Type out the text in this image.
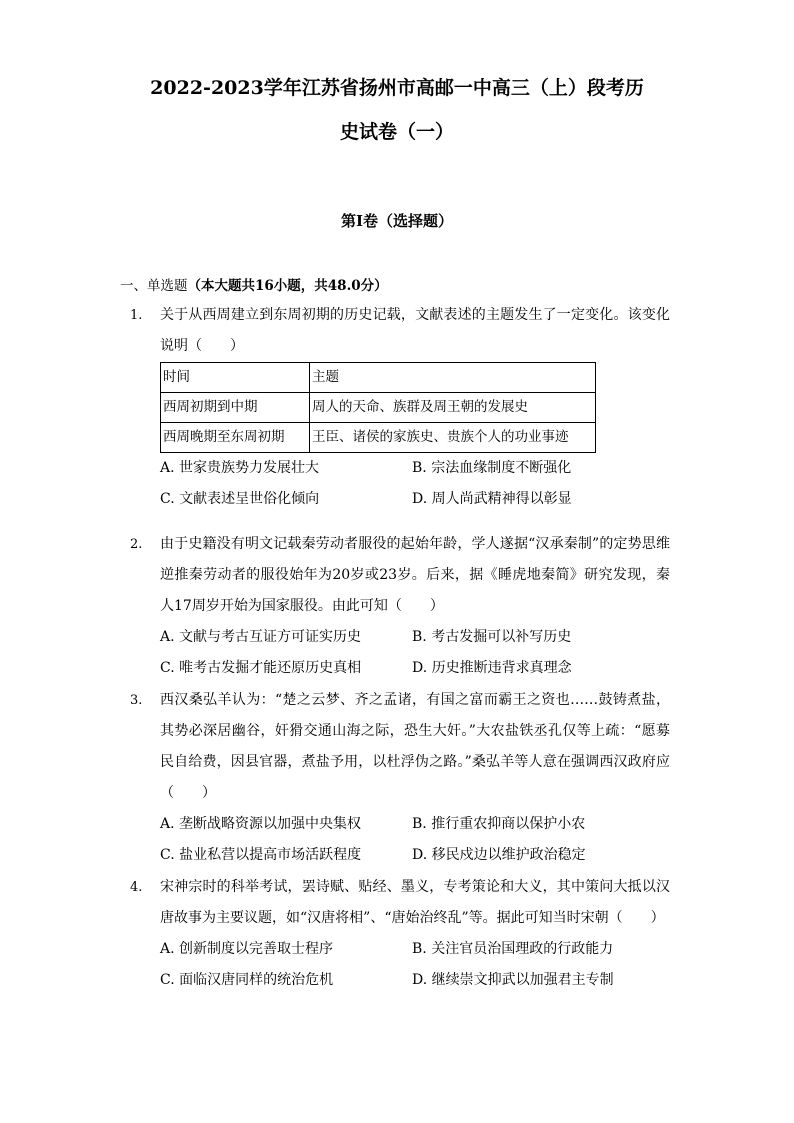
2022-2023学年江苏省扬州市高邮一中高三（上）段考历
史试卷（一）
第Ⅰ卷（选择题）
一、单选题（本大题共16小题，共48.0分）
1.	关于从西周建立到东周初期的历史记载，文献表述的主题发生了一定变化。该变化说明（　　）
时间	主题
西周初期到中期	周人的天命、族群及周王朝的发展史
西周晚期至东周初期	王臣、诸侯的家族史、贵族个人的功业事迹
A. 世家贵族势力发展壮大	B. 宗法血缘制度不断强化
C. 文献表述呈世俗化倾向	D. 周人尚武精神得以彰显
2.	由于史籍没有明文记载秦劳动者服役的起始年龄，学人遂据“汉承秦制”的定势思维逆推秦劳动者的服役始年为20岁或23岁。后来，据《睡虎地秦简》研究发现，秦人17周岁开始为国家服役。由此可知（　　）
A. 文献与考古互证方可证实历史	B. 考古发掘可以补写历史
C. 唯考古发掘才能还原历史真相	D. 历史推断违背求真理念
3.	西汉桑弘羊认为：“楚之云梦、齐之孟诸，有国之富而霸王之资也……鼓铸煮盐，其势必深居幽谷，奸猾交通山海之际，恐生大奸。”大农盐铁丞孔仅等上疏：“愿募民自给费，因县官器，煮盐予用，以杜浮伪之路。”桑弘羊等人意在强调西汉政府应（　　）
A. 垄断战略资源以加强中央集权	B. 推行重农抑商以保护小农
C. 盐业私营以提高市场活跃程度	D. 移民戍边以维护政治稳定
4.	宋神宗时的科举考试，罢诗赋、贴经、墨义，专考策论和大义，其中策问大抵以汉唐故事为主要议题，如“汉唐将相”、“唐始治终乱”等。据此可知当时宋朝（　　）
A. 创新制度以完善取士程序	B. 关注官员治国理政的行政能力
C. 面临汉唐同样的统治危机	D. 继续崇文抑武以加强君主专制
